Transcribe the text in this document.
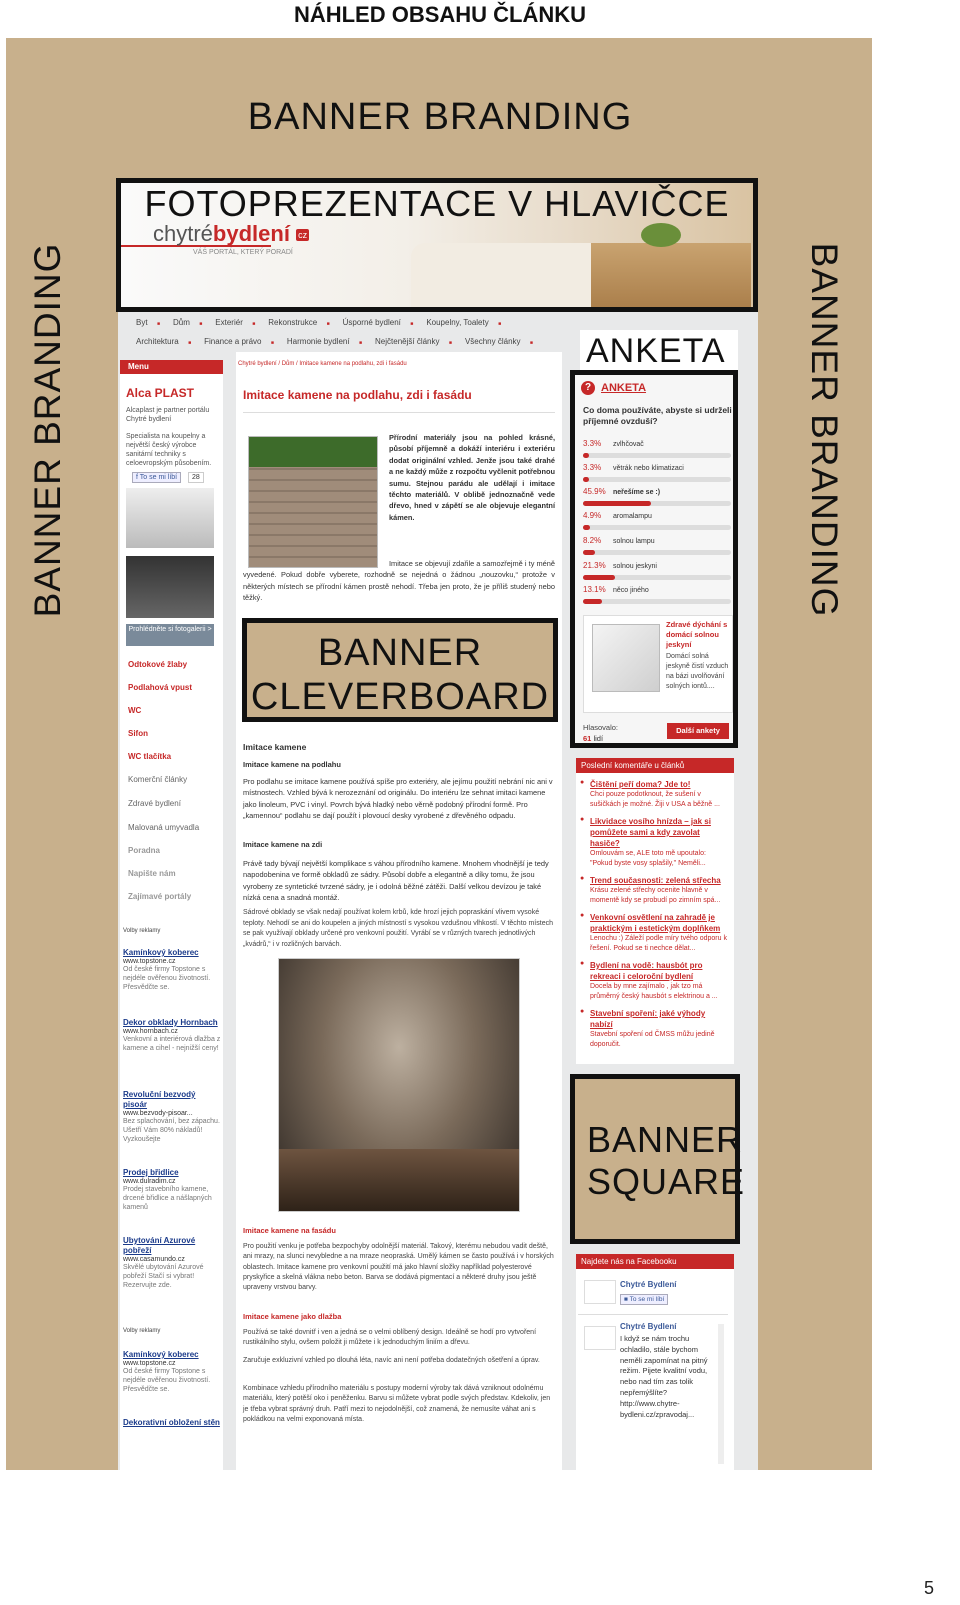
NÁHLED OBSAHU ČLÁNKU
BANNER BRANDING
BANNER BRANDING	BANNER BRANDING
FOTOPREZENTACE V HLAVIČCE
chytrébydlení cz
VÁŠ PORTÁL, KTERÝ PORADÍ
Byt ■	Dům ■	Exteriér ■	Rekonstrukce ■	Úsporné bydlení ■	Koupelny, Toalety ■
Architektura ■	Finance a právo ■	Harmonie bydlení ■	Nejčtenější články ■	Všechny články ■
Alca PLAST
Alcaplast je partner portálu Chytré bydlení
Specialista na koupelny a největší český výrobce sanitární techniky s celoevropským působením.
f To se mi líbí	28
Prohlédněte si fotogalerii >
Odtokové žlaby
Podlahová vpust
WC
Sifon
WC tlačítka
Komerční články
Zdravé bydlení
Malovaná umyvadla
Poradna
Napište nám
Zajímavé portály
Volby reklamy
Kamínkový koberec
www.topstone.cz
Od české firmy Topstone s nejdéle ověřenou životností. Přesvědčte se.
Dekor obklady Hornbach
www.hornbach.cz
Venkovní a interiérová dlažba z kamene a cihel - nejnižší ceny!
Revoluční bezvodý pisoár
www.bezvody-pisoar...
Bez splachování, bez zápachu. Ušetří Vám 80% nákladů! Vyzkoušejte
Prodej břidlice
www.dulradim.cz
Prodej stavebního kamene, drcené břidlice a nášlapných kamenů
Ubytování Azurové pobřeží
www.casamundo.cz
Skvělé ubytování Azurové pobřeží Stačí si vybrat! Rezervujte zde.
Volby reklamy
Kamínkový koberec
www.topstone.cz
Od české firmy Topstone s nejdéle ověřenou životností. Přesvědčte se.
Dekorativní obložení stěn
Menu	Chytré bydlení / Dům / Imitace kamene na podlahu, zdi i fasádu
Imitace kamene na podlahu, zdi i fasádu
Přírodní materiály jsou na pohled krásné, působí příjemně a dokáží interiéru i exteriéru dodat originální vzhled. Jenže jsou také drahé a ne každý může z rozpočtu vyčlenit potřebnou sumu. Stejnou parádu ale udělají i imitace těchto materiálů. V oblibě jednoznačně vede dřevo, hned v zápětí se ale objevuje elegantní kámen.
Imitace se objevují zdařile a samozřejmě i ty méně vyvedené. Pokud dobře vyberete, rozhodně se nejedná o žádnou „nouzovku,“ protože v některých místech se přírodní kámen prostě nehodí. Třeba jen proto, že je příliš studený nebo těžký.
Imitace kamene
Imitace kamene na podlahu
Pro podlahu se imitace kamene používá spíše pro exteriéry, ale jejímu použití nebrání nic ani v místnostech. Vzhled bývá k nerozeznání od originálu. Do interiéru lze sehnat imitaci kamene jako linoleum, PVC i vinyl. Povrch bývá hladký nebo věrně podobný přírodní formě. Pro „kamennou“ podlahu se dají použít i plovoucí desky vyrobené z dřevěného odpadu.
Imitace kamene na zdi
Právě tady bývají největší komplikace s váhou přírodního kamene. Mnohem vhodnější je tedy napodobenina ve formě obkladů ze sádry. Působí dobře a elegantně a díky tomu, že jsou vyrobeny ze syntetické tvrzené sádry, je i odolná běžné zátěži. Další velkou devízou je také nízká cena a snadná montáž.
Sádrové obklady se však nedají používat kolem krbů, kde hrozí jejich popraskání vlivem vysoké teploty. Nehodí se ani do koupelen a jiných místností s vysokou vzdušnou vlhkostí. V těchto místech se pak využívají obklady určené pro venkovní použití. Vyrábí se v různých tvarech jednotlivých „kvádrů,“ i v rozličných barvách.
Imitace kamene na fasádu
Pro použití venku je potřeba bezpochyby odolnější materiál. Takový, kterému nebudou vadit deště, ani mrazy, na slunci nevybledne a na mraze neopraská. Umělý kámen se často používá i v horských oblastech. Imitace kamene pro venkovní použití má jako hlavní složky například polyesterové pryskyřice a skelná vlákna nebo beton. Barva se dodává pigmentací a některé druhy jsou ještě upraveny vrstvou barvy.
Imitace kamene jako dlažba
Používá se také dovnitř i ven a jedná se o velmi oblíbený design. Ideálně se hodí pro vytvoření rustikálního stylu, ovšem položit ji můžete i k jednoduchým liniím a dřevu.
Zaručuje exkluzivní vzhled po dlouhá léta, navíc ani není potřeba dodatečných ošetření a úprav.
Kombinace vzhledu přírodního materiálu s postupy moderní výroby tak dává vzniknout odolnému materiálu, který potěší oko i peněženku. Barvu si můžete vybrat podle svých představ. Kdekoliv, jen je třeba vybrat správný druh. Patří mezi to nejodolnější, což znamená, že nemusíte váhat ani s pokládkou na velmi exponovaná místa.
BANNER
CLEVERBOARD
? ANKETA
Co doma používáte, abyste si udrželi příjemné ovzduší?
3.3% zvlhčovač
3.3% větrák nebo klimatizaci
45.9% neřešíme se :)
4.9% aromalampu
8.2% solnou lampu
21.3% solnou jeskyni
13.1% něco jiného
Zdravé dýchání s domácí solnou jeskyní
Domácí solná jeskyně čistí vzduch na bázi uvolňování solných iontů....
Hlasovalo:
61 lidí
Další ankety
ANKETA
Poslední komentáře u článků
● Čištění peří doma? Jde to!
Chci pouze podotknout, že sušení v sušičkách je možné. Žiji v USA a běžně ...
● Likvidace vosího hnízda – jak si pomůžete sami a kdy zavolat hasiče?
Omlouvám se, ALE toto mě upoutalo: "Pokud byste vosy splašily," Neměli...
● Trend současnosti: zelená střecha
Krásu zelené střechy ocenite hlavně v momentě kdy se probudí po zimním spá...
● Venkovní osvětlení na zahradě je praktickým i estetickým doplňkem
Lenochu :) Záleží podle míry tvého odporu k řešení. Pokud se ti nechce dělat...
● Bydlení na vodě: hausbót pro rekreaci i celoroční bydlení
Docela by mne zajímalo , jak tzo má průměrný český hausbót s elektrinou a ...
● Stavební spoření: jaké výhody nabízí
Stavební spoření od ČMSS můžu jedině doporučit.
BANNER
SQUARE
Najdete nás na Facebooku
Chytré Bydlení
■ To se mi líbí
Chytré Bydlení
I když se nám trochu ochladilo, stále bychom neměli zapomínat na pitný režim. Pijete kvalitní vodu, nebo nad tím zas tolik nepřemýšlíte? http://www.chytre-bydleni.cz/zpravodaj...
5
